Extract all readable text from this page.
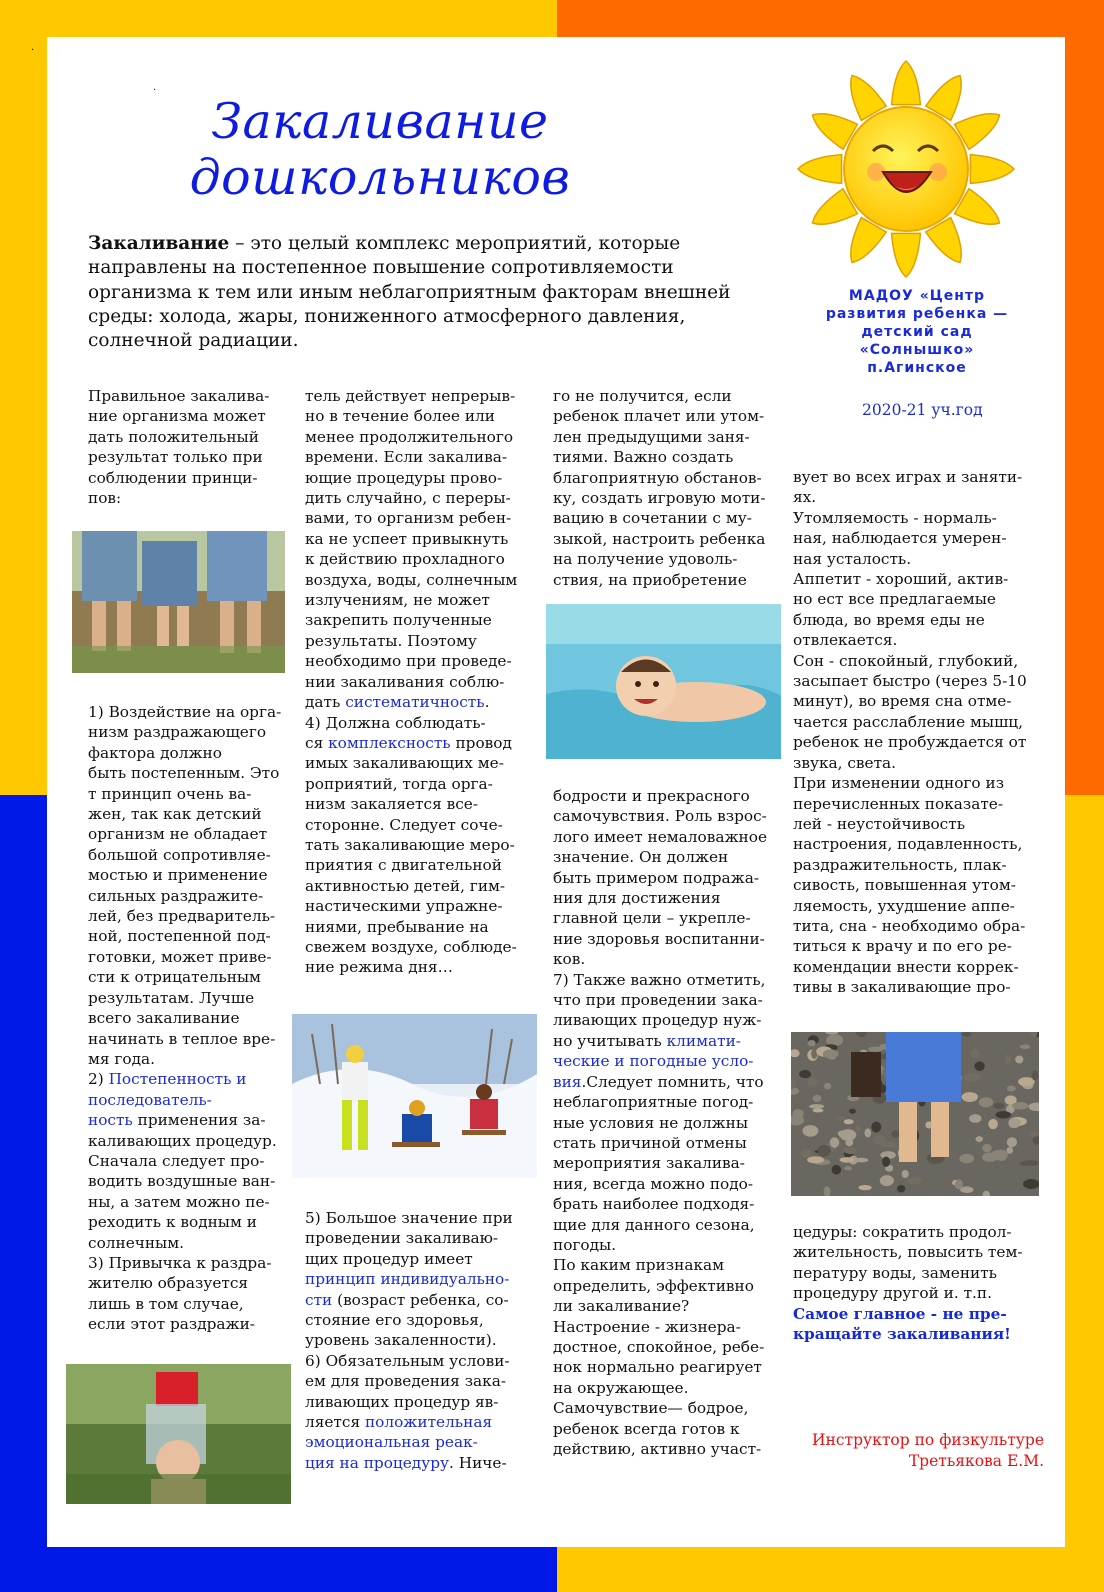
.
.
Закаливание
дошкольников
Закаливание – это целый комплекс мероприятий, которые направлены на постепенное повышение сопротивляемости организма к тем или иным неблагоприятным факторам внешней среды: холода, жары, пониженного атмосферного давления, солнечной радиации.
МАДОУ «Центр
развития ребенка —
детский сад
«Солнышко»
п.Агинское
2020-21 уч.год
Правильное закалива-
ние организма может
дать положительный
результат только при
соблюдении принци-
пов:
1) Воздействие на орга-
низм раздражающего
фактора должно
быть постепенным. Это
т принцип очень ва-
жен, так как детский
организм не обладает
большой сопротивляе-
мостью и применение
сильных раздражите-
лей, без предваритель-
ной, постепенной под-
готовки, может приве-
сти к отрицательным
результатам. Лучше
всего закаливание
начинать в теплое вре-
мя года.
2) Постепенность и
последователь-
ность применения за-
каливающих процедур.
Сначала следует про-
водить воздушные ван-
ны, а затем можно пе-
реходить к водным и
солнечным.
3) Привычка к раздра-
жителю образуется
лишь в том случае,
если этот раздражи-
тель действует непрерыв-
но в течение более или
менее продолжительного
времени. Если закалива-
ющие процедуры прово-
дить случайно, с переры-
вами, то организм ребен-
ка не успеет привыкнуть
к действию прохладного
воздуха, воды, солнечным
излучениям, не может
закрепить полученные
результаты. Поэтому
необходимо при проведе-
нии закаливания соблю-
дать систематичность.
4) Должна соблюдать-
ся комплексность провод
имых закаливающих ме-
роприятий, тогда орга-
низм закаляется все-
сторонне. Следует соче-
тать закаливающие меро-
приятия с двигательной
активностью детей, гим-
настическими упражне-
ниями, пребывание на
свежем воздухе, соблюде-
ние режима дня…
5) Большое значение при
проведении закаливаю-
щих процедур имеет
принцип индивидуально-
сти (возраст ребенка, со-
стояние его здоровья,
уровень закаленности).
6) Обязательным услови-
ем для проведения зака-
ливающих процедур яв-
ляется положительная
эмоциональная реак-
ция на процедуру. Ниче-
го не получится, если
ребенок плачет или утом-
лен предыдущими заня-
тиями. Важно создать
благоприятную обстанов-
ку, создать игровую моти-
вацию в сочетании с му-
зыкой, настроить ребенка
на получение удоволь-
ствия, на приобретение
бодрости и прекрасного
самочувствия. Роль взрос-
лого имеет немаловажное
значение. Он должен
быть примером подража-
ния для достижения
главной цели – укрепле-
ние здоровья воспитанни-
ков.
7) Также важно отметить,
что при проведении зака-
ливающих процедур нуж-
но учитывать климати-
ческие и погодные усло-
вия.Следует помнить, что
неблагоприятные погод-
ные условия не должны
стать причиной отмены
мероприятия закалива-
ния, всегда можно подо-
брать наиболее подходя-
щие для данного сезона,
погоды.
По каким признакам
определить, эффективно
ли закаливание?
Настроение - жизнера-
достное, спокойное, ребе-
нок нормально реагирует
на окружающее.
Самочувствие— бодрое,
ребенок всегда готов к
действию, активно участ-
вует во всех играх и заняти-
ях.
Утомляемость - нормаль-
ная, наблюдается умерен-
ная усталость.
Аппетит - хороший, актив-
но ест все предлагаемые
блюда, во время еды не
отвлекается.
Сон - спокойный, глубокий,
засыпает быстро (через 5-10
минут), во время сна отме-
чается расслабление мышц,
ребенок не пробуждается от
звука, света.
При изменении одного из
перечисленных показате-
лей - неустойчивость
настроения, подавленность,
раздражительность, плак-
сивость, повышенная утом-
ляемость, ухудшение аппе-
тита, сна - необходимо обра-
титься к врачу и по его ре-
комендации внести коррек-
тивы в закаливающие про-
цедуры: сократить продол-
жительность, повысить тем-
пературу воды, заменить
процедуру другой и. т.п.
Самое главное - не пре-
кращайте закаливания!
Инструктор по физкультуре
Третьякова Е.М.
